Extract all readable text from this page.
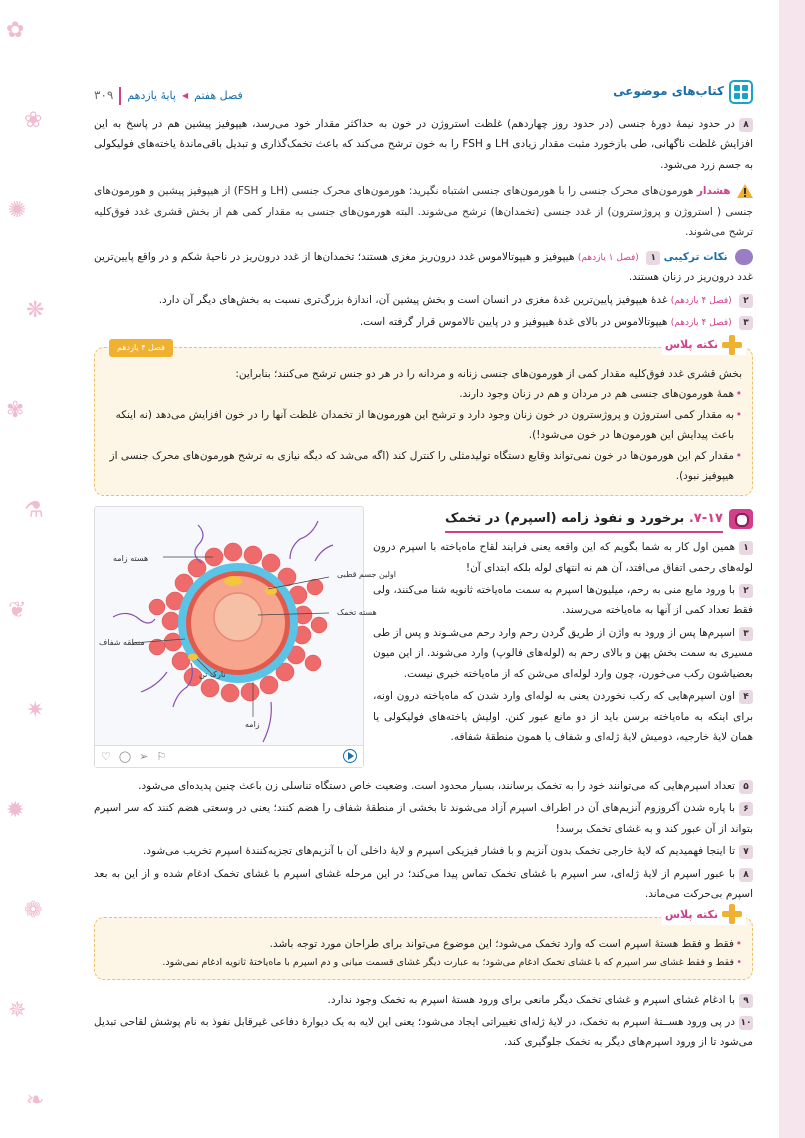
✿
❀
✺
❋
✾
⚗
❦
✷
✹
❁
✵
❧
کتاب‌های موضوعی
فصل هفتم
◀
پایهٔ یازدهم
۳۰۹

۸در حدود نیمهٔ دورهٔ جنسی (در حدود روز چهاردهم) غلظت استروژن در خون به حداکثر مقدار خود می‌رسد، هیپوفیز پیشین هم در پاسخ به این افزایش غلظت ناگهانی، طی بازخورد مثبت مقدار زیادی LH و FSH را به خون ترشح می‌کند که باعث تخمک‌گذاری و تبدیل باقی‌ماندهٔ یاخته‌های فولیکولی به جسم زرد می‌شود.

هشدار هورمون‌های محرک جنسی را با هورمون‌های جنسی اشتباه نگیرید: هورمون‌های محرک جنسی (LH و FSH) از هیپوفیز پیشین و هورمون‌های جنسی ( استروژن و پروژسترون) از غدد جنسی (تخمدان‌ها) ترشح می‌شوند. البته هورمون‌های جنسی به مقدار کمی هم از بخش قشری غدد فوق‌کلیه ترشح می‌شوند.

نکات ترکیبی ۱ (فصل ۱ یازدهم) هیپوفیز و هیپوتالاموس غدد درون‌ریز مغزی هستند؛ تخمدان‌ها از غدد درون‌ریز در ناحیهٔ شکم و در واقع پایین‌ترین غدد درون‌ریز در زنان هستند.

۲ (فصل ۴ یازدهم) غدهٔ هیپوفیز پایین‌ترین غدهٔ مغزی در انسان است و بخش پیشین آن، اندازهٔ بزرگ‌تری نسبت به بخش‌های دیگر آن دارد.

۳ (فصل ۴ یازدهم) هیپوتالاموس در بالای غدهٔ هیپوفیز و در پایین تالاموس قرار گرفته است.

نکته پلاس
فصل ۴ یازدهم

بخش قشری غدد فوق‌کلیه مقدار کمی از هورمون‌های جنسی زنانه و مردانه را در هر دو جنس ترشح می‌کنند؛ بنابراین:

• همهٔ هورمون‌های جنسی هم در مردان و هم در زنان وجود دارند.
• به مقدار کمی استروژن و پروژسترون در خون زنان وجود دارد و ترشح این هورمون‌ها از تخمدان غلظت آنها را در خون افزایش می‌دهد (نه اینکه باعث پیدایش این هورمون‌ها در خون می‌شود!).
• مقدار کم این هورمون‌ها در خون نمی‌تواند وقایع دستگاه تولیدمثلی را کنترل کند (اگه می‌شد که دیگه نیازی به ترشح هورمون‌های محرک جنسی از هیپوفیز نبود).
هسته زامه
اولین جسم قطبی
هسته تخمک
منطقه شفاف
تارک تن
زامه
♡ ◯ ➢ ⚐
۷-۱۷. برخورد و نفوذ زامه (اسپرم) در تخمک

۱همین اول کار به شما بگویم که این واقعه یعنی فرایند لقاح ماه‌یاخته با اسپرم درون لوله‌های رحمی اتفاق می‌افتد، آن هم نه انتهای لوله بلکه ابتدای آن!

۲با ورود مایع منی به رحم، میلیون‌ها اسپرم به سمت ماه‌یاخته ثانویه شنا می‌کنند، ولی فقط تعداد کمی از آنها به ماه‌یاخته می‌رسند.

۳اسپرم‌ها پس از ورود به واژن از طریق گردن رحم وارد رحم می‌شـوند و پس از طی مسیری به سمت بخش پهن و بالای رحم به (لوله‌های فالوپ) وارد می‌شوند. از این میون بعضیاشون رکب می‌خورن، چون وارد لوله‌ای می‌شن که از ماه‌یاخته خبری نیست.

۴اون اسپرم‌هایی که رکب نخوردن یعنی به لوله‌ای وارد شدن که ماه‌یاخته درون اونه، برای اینکه به ماه‌یاخته برسن باید از دو مانع عبور کنن. اولیش یاخته‌های فولیکولی یا همان لایهٔ خارجیه، دومیش لایهٔ ژله‌ای و شفاف یا همون منطقهٔ شفافه.

۵تعداد اسپرم‌هایی که می‌توانند خود را به تخمک برسانند، بسیار محدود است. وضعیت خاص دستگاه تناسلی زن باعث چنین پدیده‌ای می‌شود.

۶با پاره شدن آکروزوم آنزیم‌های آن در اطراف اسپرم آزاد می‌شوند تا بخشی از منطقهٔ شفاف را هضم کنند؛ یعنی در وسعتی هضم کنند که سر اسپرم بتواند از آن عبور کند و به غشای تخمک برسد!

۷تا اینجا فهمیدیم که لایهٔ خارجی تخمک بدون آنزیم و با فشار فیزیکی اسپرم و لایهٔ داخلی آن با آنزیم‌های تجزیه‌کنندهٔ اسپرم تخریب می‌شود.

۸با عبور اسپرم از لایهٔ ژله‌ای، سر اسپرم با غشای تخمک تماس پیدا می‌کند؛ در این مرحله غشای اسپرم با غشای تخمک ادغام شده و از این به بعد اسپرم بی‌حرکت می‌ماند.

نکته پلاس
• فقط و فقط هستهٔ اسپرم است که وارد تخمک می‌شود؛ این موضوع می‌تواند برای طراحان مورد توجه باشد.
• فقط و فقط غشای سر اسپرم که با غشای تخمک ادغام می‌شود؛ به عبارت دیگر غشای قسمت میانی و دم اسپرم با ماه‌یاختهٔ ثانویه ادغام نمی‌شود.

۹با ادغام غشای اسپرم و غشای تخمک دیگر مانعی برای ورود هستهٔ اسپرم به تخمک وجود ندارد.

۱۰در پی ورود هســتهٔ اسپرم به تخمک، در لایهٔ ژله‌ای تغییراتی ایجاد می‌شود؛ یعنی این لایه به یک دیوارهٔ دفاعی غیرقابل نفوذ به نام پوشش لقاحی تبدیل می‌شود تا از ورود اسپرم‌های دیگر به تخمک جلوگیری کند.
